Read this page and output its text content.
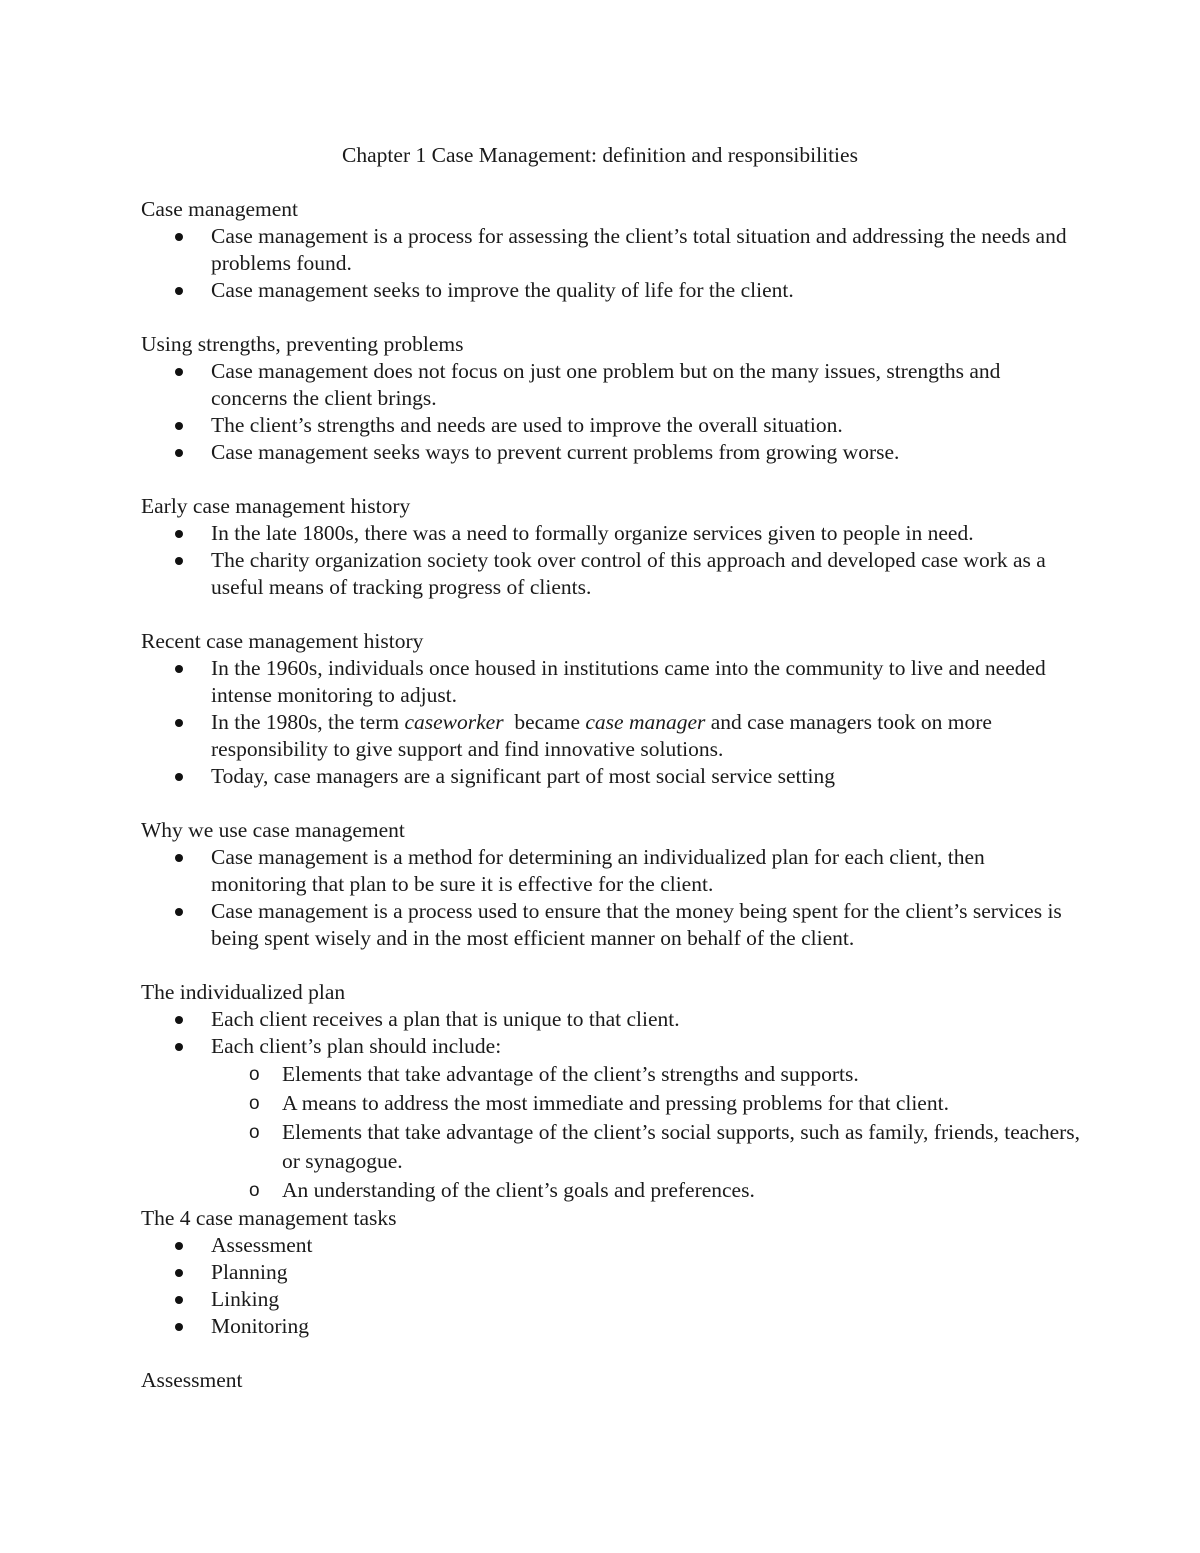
Chapter 1 Case Management: definition and responsibilities
Case management
Case management is a process for assessing the client’s total situation and addressing the needs and problems found.
Case management seeks to improve the quality of life for the client.
Using strengths, preventing problems
Case management does not focus on just one problem but on the many issues, strengths and concerns the client brings.
The client’s strengths and needs are used to improve the overall situation.
Case management seeks ways to prevent current problems from growing worse.
Early case management history
In the late 1800s, there was a need to formally organize services given to people in need.
The charity organization society took over control of this approach and developed case work as a useful means of tracking progress of clients.
Recent case management history
In the 1960s, individuals once housed in institutions came into the community to live and needed intense monitoring to adjust.
In the 1980s, the term caseworker  became case manager and case managers took on more responsibility to give support and find innovative solutions.
Today, case managers are a significant part of most social service setting
Why we use case management
Case management is a method for determining an individualized plan for each client, then monitoring that plan to be sure it is effective for the client.
Case management is a process used to ensure that the money being spent for the client’s services is being spent wisely and in the most efficient manner on behalf of the client.
The individualized plan
Each client receives a plan that is unique to that client.
Each client’s plan should include:
o Elements that take advantage of the client’s strengths and supports.
o A means to address the most immediate and pressing problems for that client.
o Elements that take advantage of the client’s social supports, such as family, friends, teachers, or synagogue.
o An understanding of the client’s goals and preferences.
The 4 case management tasks
Assessment
Planning
Linking
Monitoring
Assessment
